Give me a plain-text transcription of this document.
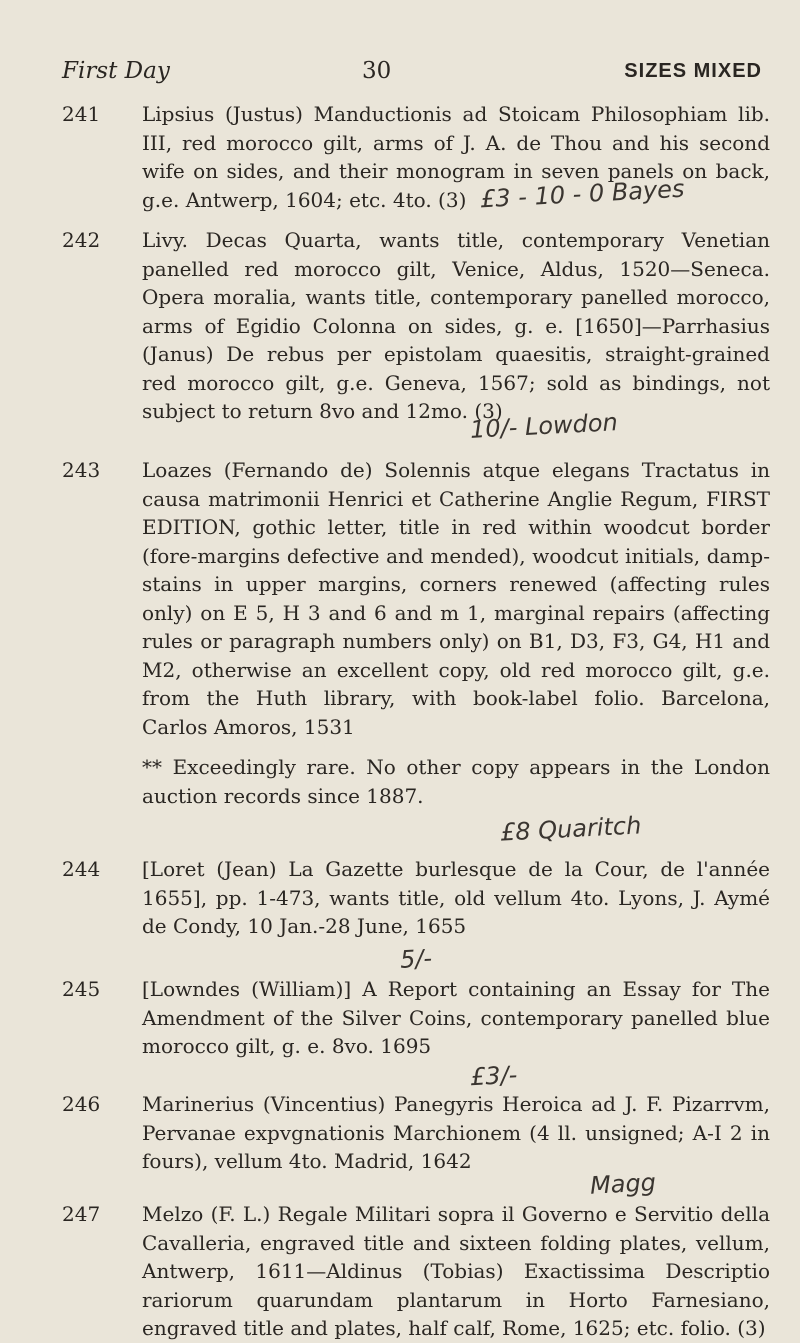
First Day	30	SIZES MIXED
241	Lipsius (Justus) Manductionis ad Stoicam Philosophiam lib. III, red morocco gilt, arms of J. A. de Thou and his second wife on sides, and their monogram in seven panels on back, g.e. Antwerp, 1604; etc. 4to. (3)
242	Livy. Decas Quarta, wants title, contemporary Venetian panelled red morocco gilt, Venice, Aldus, 1520—Seneca. Opera moralia, wants title, contemporary panelled morocco, arms of Egidio Colonna on sides, g. e. [1650]—Parrhasius (Janus) De rebus per epistolam quaesitis, straight-grained red morocco gilt, g.e. Geneva, 1567; sold as bindings, not subject to return 8vo and 12mo. (3)
243	Loazes (Fernando de) Solennis atque elegans Tractatus in causa matrimonii Henrici et Catherine Anglie Regum, FIRST EDITION, gothic letter, title in red within woodcut border (fore-margins defective and mended), woodcut initials, damp-stains in upper margins, corners renewed (affecting rules only) on E 5, H 3 and 6 and m 1, marginal repairs (affecting rules or paragraph numbers only) on B1, D3, F3, G4, H1 and M2, otherwise an excellent copy, old red morocco gilt, g.e. from the Huth library, with book-label folio. Barcelona, Carlos Amoros, 1531
** Exceedingly rare. No other copy appears in the London auction records since 1887.
244	[Loret (Jean) La Gazette burlesque de la Cour, de l'année 1655], pp. 1-473, wants title, old vellum 4to. Lyons, J. Aymé de Condy, 10 Jan.-28 June, 1655
245	[Lowndes (William)] A Report containing an Essay for The Amendment of the Silver Coins, contemporary panelled blue morocco gilt, g. e. 8vo. 1695
246	Marinerius (Vincentius) Panegyris Heroica ad J. F. Pizarrvm, Pervanae expvgnationis Marchionem (4 ll. unsigned; A-I 2 in fours), vellum 4to. Madrid, 1642
247	Melzo (F. L.) Regale Militari sopra il Governo e Servitio della Cavalleria, engraved title and sixteen folding plates, vellum, Antwerp, 1611—Aldinus (Tobias) Exactissima Descriptio rariorum quarundam plantarum in Horto Farnesiano, engraved title and plates, half calf, Rome, 1625; etc. folio. (3)
£3 - 10 - 0 Bayes
10/- Lowdon
£8 Quaritch
5/-
£3/-
Magg
